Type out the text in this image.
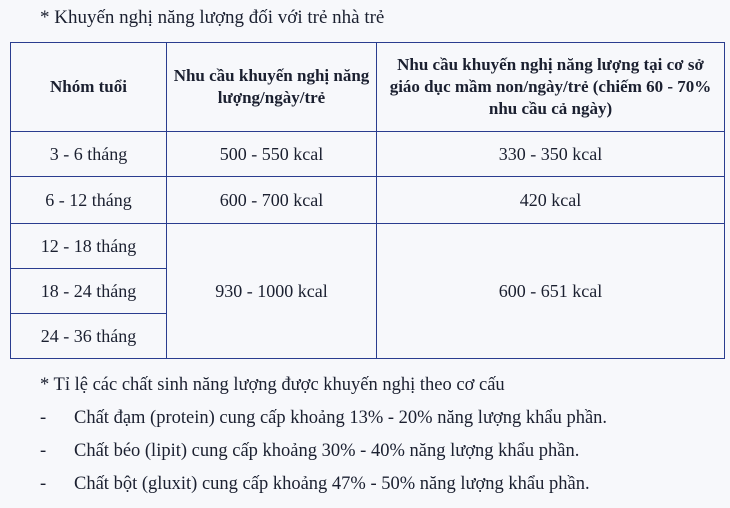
* Khuyến nghị năng lượng đối với trẻ nhà trẻ
Nhóm tuổi	Nhu cầu khuyến nghị năng lượng/ngày/trẻ	Nhu cầu khuyến nghị năng lượng tại cơ sở giáo dục mầm non/ngày/trẻ (chiếm 60 - 70% nhu cầu cả ngày)
3 - 6 tháng	500 - 550 kcal	330 - 350 kcal
6 - 12 tháng	600 - 700 kcal	420 kcal
12 - 18 tháng	930 - 1000 kcal	600 - 651 kcal
18 - 24 tháng		
24 - 36 tháng		
* Tỉ lệ các chất sinh năng lượng được khuyến nghị theo cơ cấu
- Chất đạm (protein) cung cấp khoảng 13% - 20% năng lượng khẩu phần.
- Chất béo (lipit) cung cấp khoảng 30% - 40% năng lượng khẩu phần.
- Chất bột (gluxit) cung cấp khoảng 47% - 50% năng lượng khẩu phần.
